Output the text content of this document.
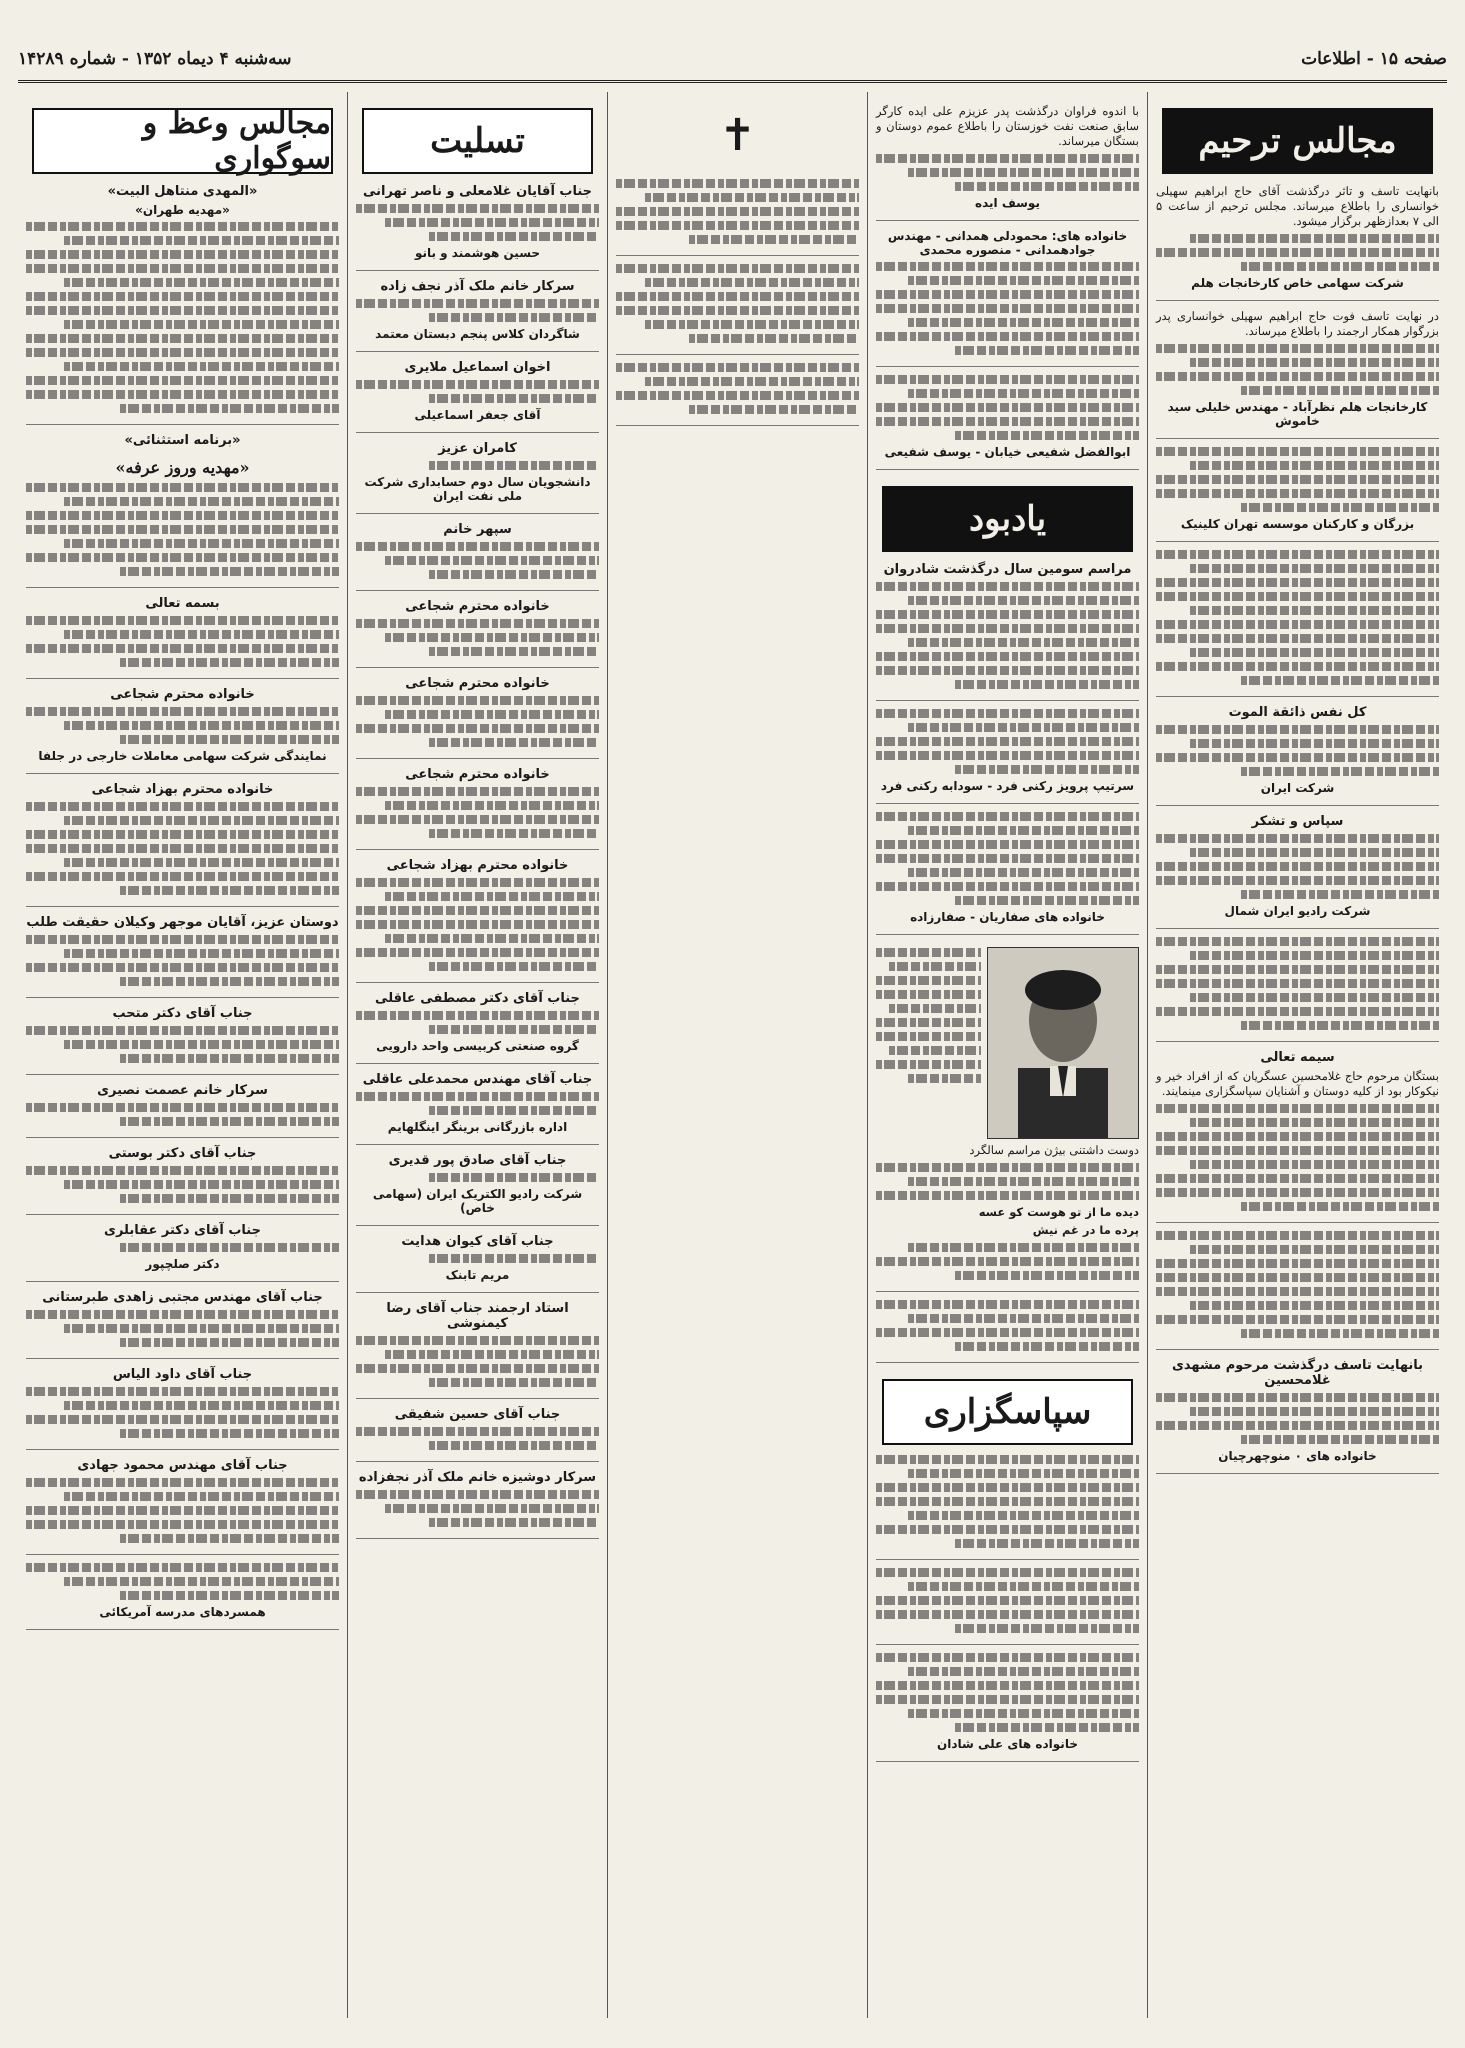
صفحه ۱۵ - اطلاعات
سه‌شنبه ۴ دیماه ۱۳۵۲ - شماره ۱۴۲۸۹
مجالس ترحیم

بانهایت تاسف و تاثر درگذشت آقای حاج ابراهیم سهیلی خوانساری را باطلاع میرساند. مجلس ترحیم از ساعت ۵ الی ۷ بعدازظهر برگزار میشود.

شرکت سهامی خاص کارخانجات هلم

در نهایت تاسف فوت حاج ابراهیم سهیلی خوانساری پدر بزرگوار همکار ارجمند را باطلاع میرساند.

کارخانجات هلم نظرآباد - مهندس خلیلی سید خاموش
بزرگان و کارکنان موسسه تهران کلینیک
کل نفس ذائقة الموت
شرکت ایران
سپاس و تشکر
شرکت رادیو ایران شمال
سیمه تعالی

بستگان مرحوم حاج غلامحسین عسگریان که از افراد خیر و نیکوکار بود از کلیه دوستان و آشنایان سپاسگزاری مینمایند.

بانهایت تاسف درگذشت مرحوم مشهدی غلامحسین
خانواده های ۰ منوچهرچیان

با اندوه فراوان درگذشت پدر عزیزم علی ایده کارگر سابق صنعت نفت خوزستان را باطلاع عموم دوستان و بستگان میرساند.

یوسف ایده
خانواده های: محمودلی همدانی - مهندس جوادهمدانی - منصوره محمدی
ابوالفضل شفیعی خیابان - یوسف شفیعی
یادبود
مراسم سومین سال درگذشت شادروان
سرتیپ پرویز رکنی فرد - سودابه رکنی فرد
خانواده های صفاریان - صفارزاده

دوست داشتنی بیژن مراسم سالگرد

دیده ما از تو هوست کو عسه

پرده ما در غم نیش

سپاسگزاری
خانواده های علی شادان
✝
تسلیت
جناب آقایان غلامعلی و ناصر تهرانی
حسین هوشمند و بانو
سرکار خانم ملک آذر نجف زاده
شاگردان کلاس پنجم دبستان معتمد
اخوان اسماعیل ملایری
آقای جعفر اسماعیلی
کامران عزیز
دانشجویان سال دوم حسابداری شرکت ملی نفت ایران
سپهر خانم
خانواده محترم شجاعی
خانواده محترم شجاعی
خانواده محترم شجاعی
خانواده محترم بهزاد شجاعی
جناب آقای دکتر مصطفی عاقلی
گروه صنعتی کربیسی واحد دارویی
جناب آقای مهندس محمدعلی عاقلی
اداره بازرگانی برینگر اینگلهایم
جناب آقای صادق پور قدیری
شرکت رادیو الکتریک ایران (سهامی خاص)
جناب آقای کیوان هدایت
مریم تابنک
استاد ارجمند جناب آقای رضا کیمنوشی
جناب آقای حسین شفیقی
سرکار دوشیزه خانم ملک آذر نجفزاده
مجالس وعظ و سوگواری
«المهدی منتاهل البیت»
«مهدیه طهران»
«برنامه استثنائی»
«مهدیه وروز عرفه»
بسمه تعالی
خانواده محترم شجاعی
نمایندگی شرکت سهامی معاملات خارجی در جلفا
خانواده محترم بهزاد شجاعی
دوستان عزیز، آقایان موجهر وکیلان حقیقت طلب
جناب آقای دکتر متحب
سرکار خانم عصمت نصیری
جناب آقای دکتر بوستی
جناب آقای دکتر عقابلری
دکتر صلچپور
جناب آقای مهندس مجتبی زاهدی طبرستانی
جناب آقای داود الیاس
جناب آقای مهندس محمود جهادی
همسردهای مدرسه آمریکائی
